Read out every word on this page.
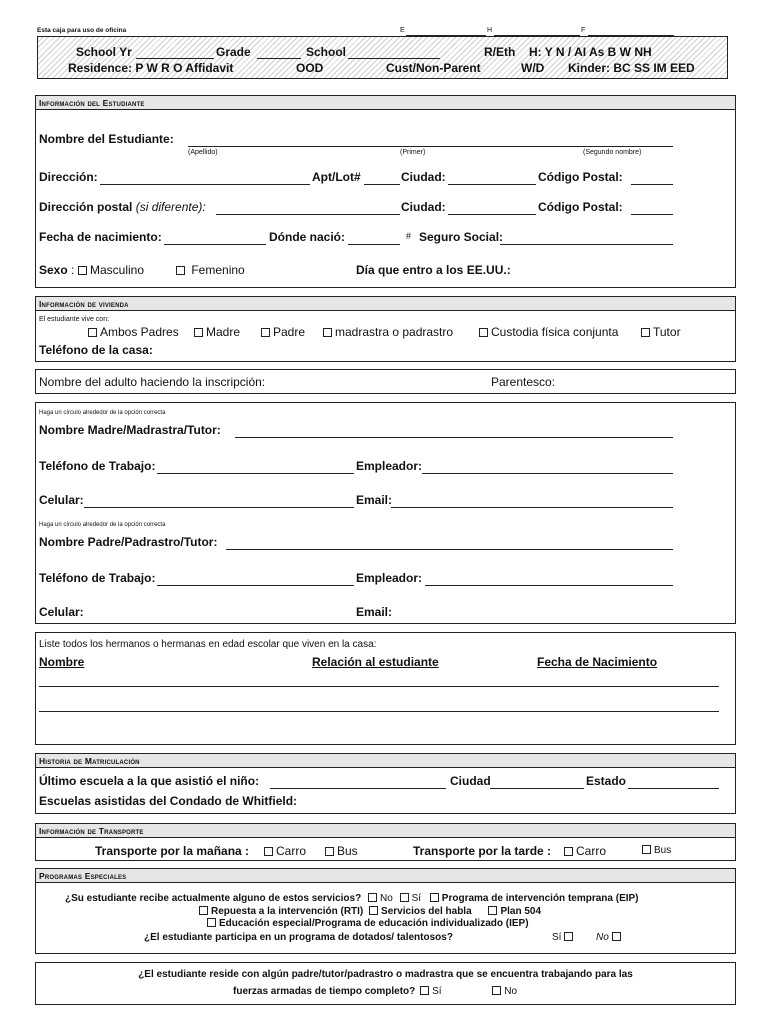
Esta caja para uso de oficina	E	H	F
School Yr	Grade	School	R/Eth H: Y N / AI As B W NH
Residence: P W R O Affidavit	OOD	Cust/Non-Parent	W/D Kinder: BC SS IM EED
Información del Estudiante
Nombre del Estudiante:
(Apellido)	(Primer)	(Segundo nombre)
Dirección:	Apt/Lot#	Ciudad:	Código Postal:
Dirección postal (si diferente):	Ciudad:	Código Postal:
Fecha de nacimiento:	Dónde nació:	# Seguro Social:
Sexo :	Masculino	Femenino	Día que entro a los EE.UU.:
Información de vivienda
El estudiante vive con:
Ambos Padres	Madre	Padre	madrastra o padrastro	Custodia física conjunta	Tutor
Teléfono de la casa:
Nombre del adulto haciendo la inscripción:	Parentesco:
Haga un círculo alrededor de la opción correcta
Nombre Madre/Madrastra/Tutor:
Teléfono de Trabajo:	Empleador:
Celular:	Email:
Haga un círculo alrededor de la opción correcta
Nombre Padre/Padrastro/Tutor:
Teléfono de Trabajo:	Empleador:
Celular:	Email:
Liste todos los hermanos o hermanas en edad escolar que viven en la casa:
Nombre	Relación al estudiante	Fecha de Nacimiento
Historia de Matriculación
Último escuela a la que asistió el niño:	Ciudad	Estado
Escuelas asistidas del Condado de Whitfield:
Información de Transporte
Transporte por la mañana :	Carro	Bus	Transporte por la tarde :	Carro	Bus
Programas Especiales
¿Su estudiante recibe actualmente alguno de estos servicios? No Sí Programa de intervención temprana (EIP)
Repuesta a la intervención (RTI) Servicios del habla	Plan 504
Educación especial/Programa de educación individualizado (IEP)
¿El estudiante participa en un programa de dotados/ talentosos?	Sí	No
¿El estudiante reside con algún padre/tutor/padrastro o madrastra que se encuentra trabajando para las
fuerzas armadas de tiempo completo? Sí	No
